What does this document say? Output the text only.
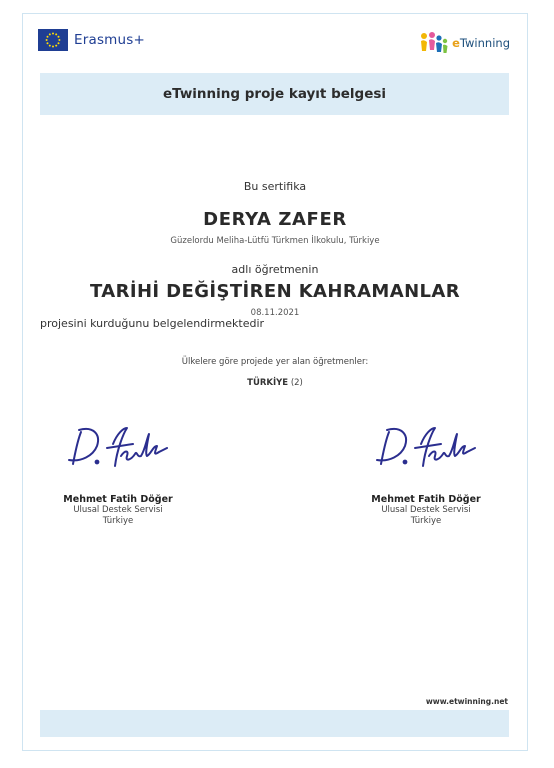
Erasmus+	eTwinning
eTwinning proje kayıt belgesi
Bu sertifika
DERYA ZAFER
Güzelordu Meliha-Lütfü Türkmen İlkokulu, Türkiye
adlı öğretmenin
TARİHİ DEĞİŞTİREN KAHRAMANLAR
08.11.2021
projesini kurduğunu belgelendirmektedir
Ülkelere göre projede yer alan öğretmenler:
TÜRKİYE (2)
Mehmet Fatih Döğer
Ulusal Destek Servisi
Türkiye
Mehmet Fatih Döğer
Ulusal Destek Servisi
Türkiye
www.etwinning.net
